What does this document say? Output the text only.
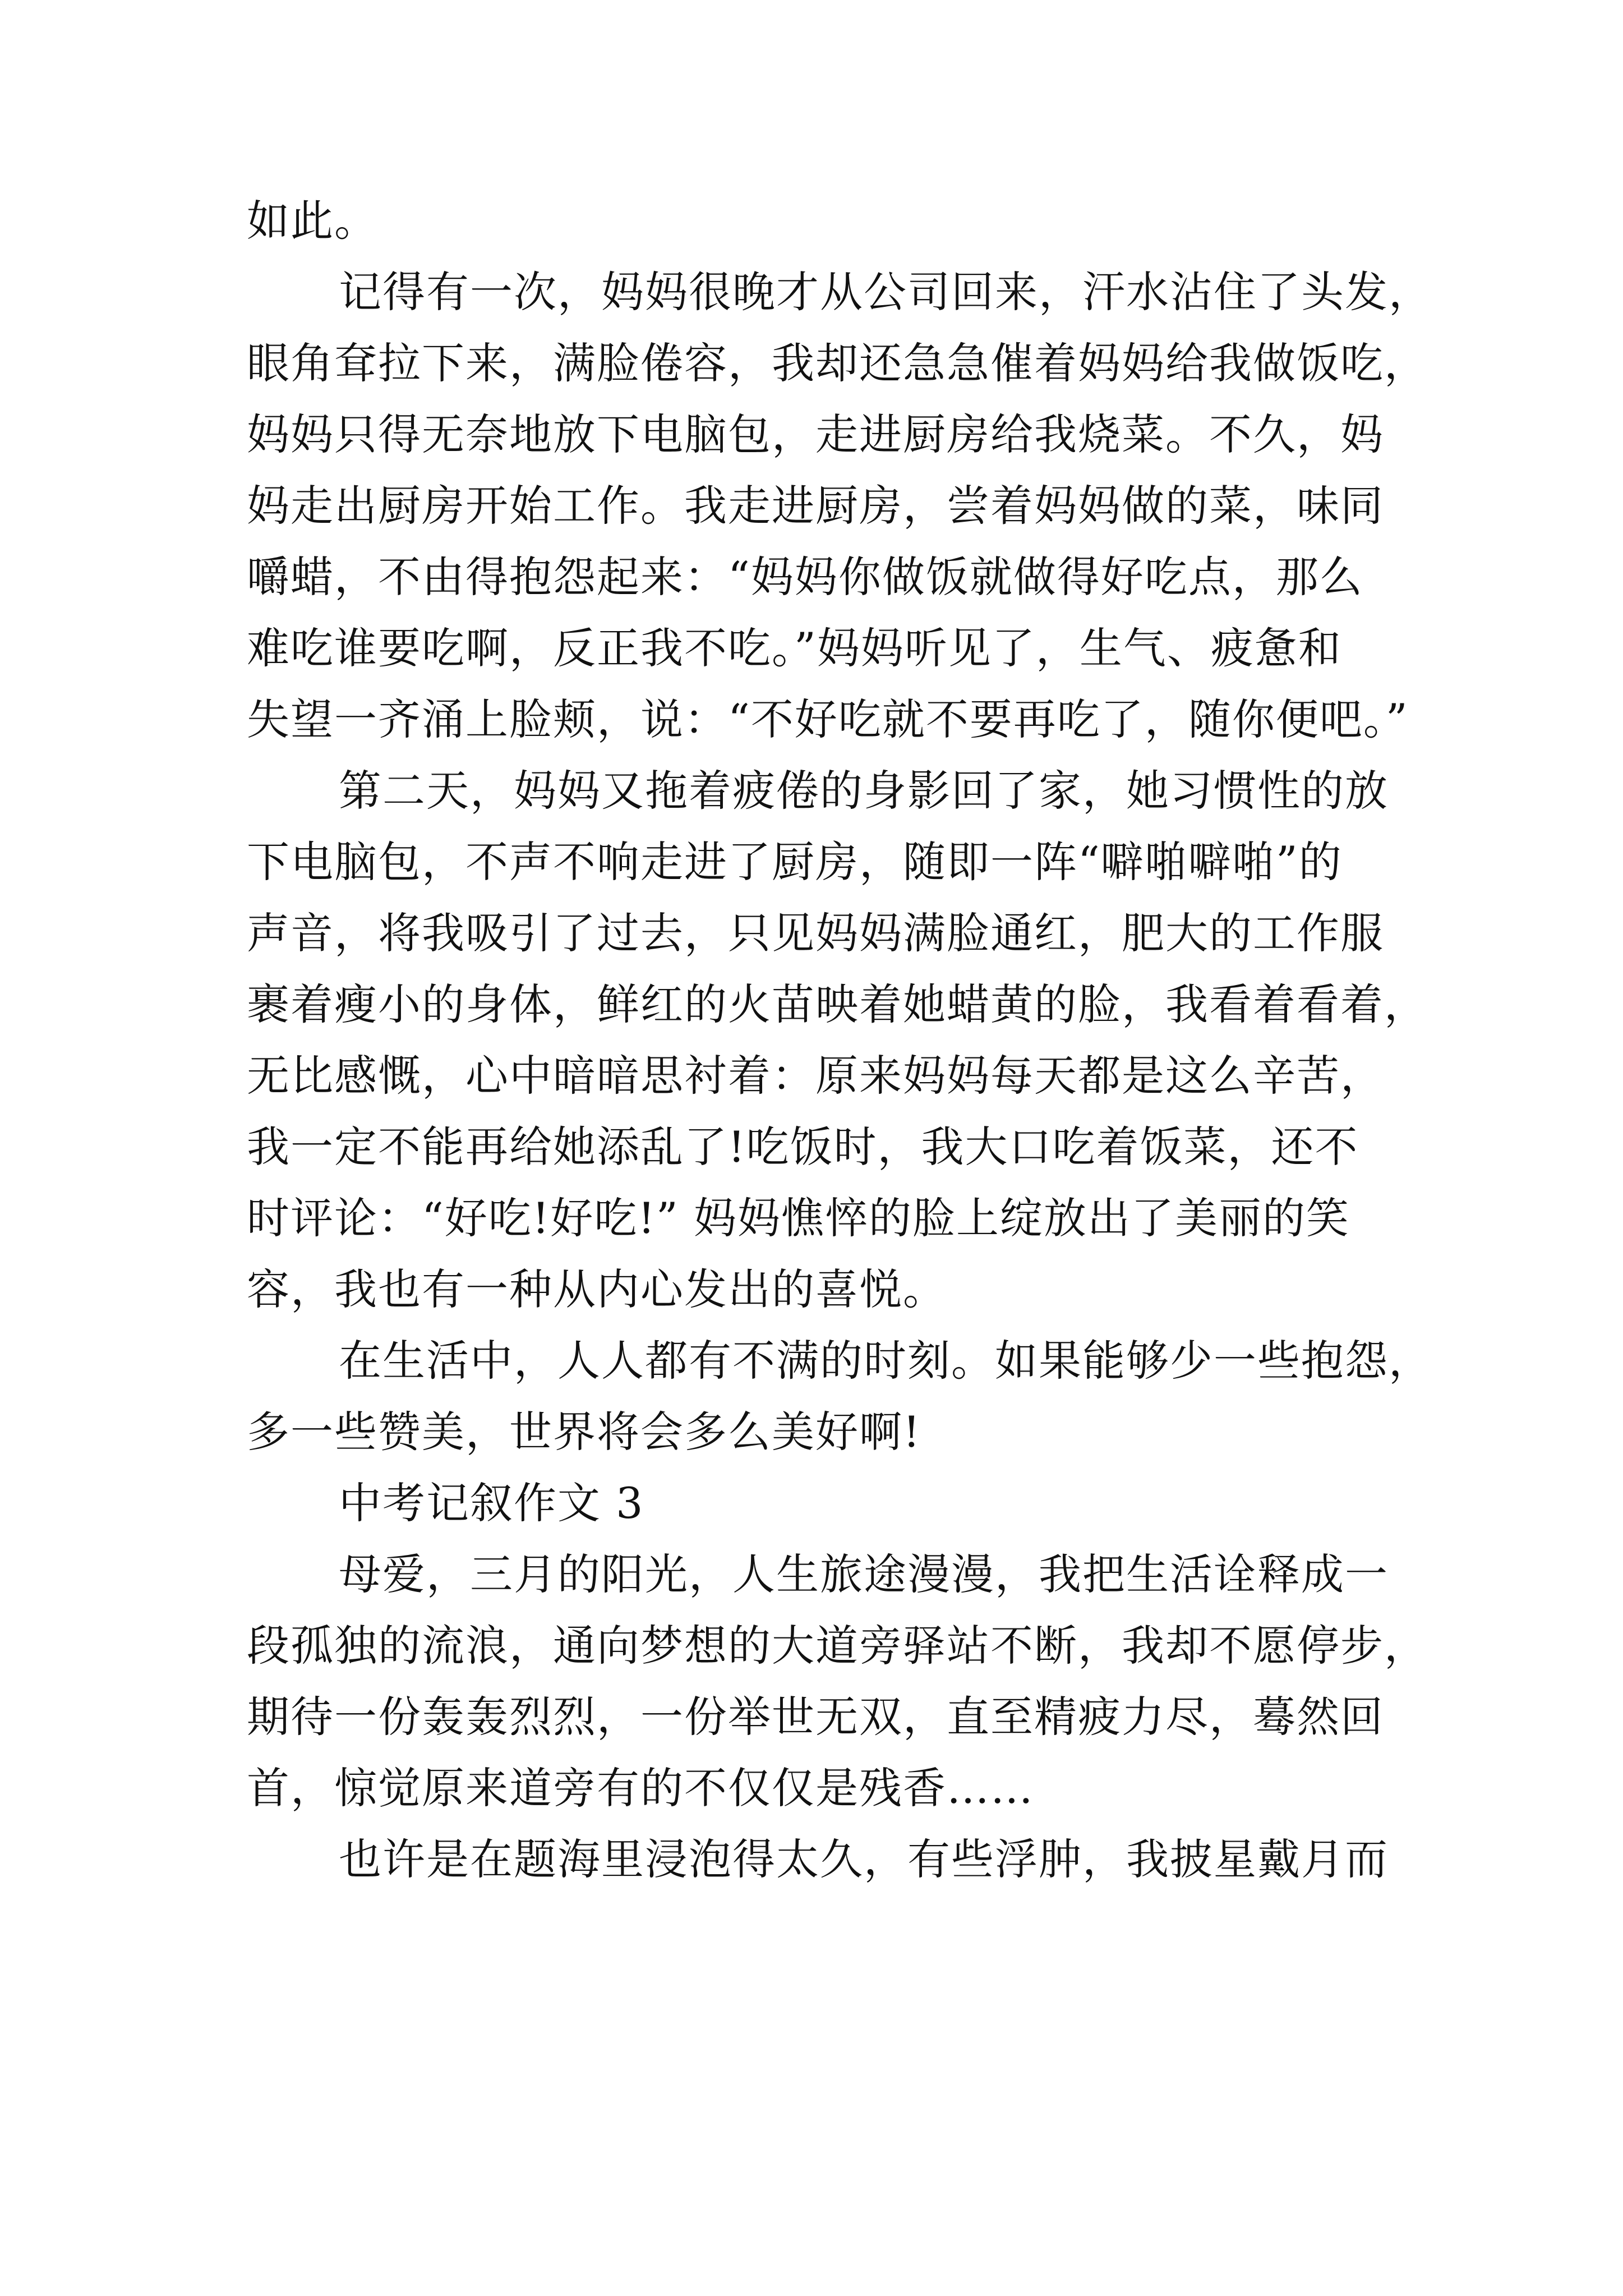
如此。
记得有一次，妈妈很晚才从公司回来，汗水沾住了头发，
眼角耷拉下来，满脸倦容，我却还急急催着妈妈给我做饭吃，
妈妈只得无奈地放下电脑包，走进厨房给我烧菜。不久，妈
妈走出厨房开始工作。我走进厨房，尝着妈妈做的菜，味同
嚼蜡，不由得抱怨起来：“妈妈你做饭就做得好吃点，那么
难吃谁要吃啊，反正我不吃。”妈妈听见了，生气、疲惫和
失望一齐涌上脸颊，说：“不好吃就不要再吃了，随你便吧。”
第二天，妈妈又拖着疲倦的身影回了家，她习惯性的放
下电脑包，不声不响走进了厨房，随即一阵“噼啪噼啪”的
声音，将我吸引了过去，只见妈妈满脸通红，肥大的工作服
裹着瘦小的身体，鲜红的火苗映着她蜡黄的脸，我看着看着，
无比感慨，心中暗暗思衬着：原来妈妈每天都是这么辛苦，
我一定不能再给她添乱了!吃饭时，我大口吃着饭菜，还不
时评论：“好吃!好吃!” 妈妈憔悴的脸上绽放出了美丽的笑
容，我也有一种从内心发出的喜悦。
在生活中，人人都有不满的时刻。如果能够少一些抱怨，
多一些赞美，世界将会多么美好啊!
中考记叙作文 3
母爱，三月的阳光，人生旅途漫漫，我把生活诠释成一
段孤独的流浪，通向梦想的大道旁驿站不断，我却不愿停步，
期待一份轰轰烈烈，一份举世无双，直至精疲力尽，蓦然回
首，惊觉原来道旁有的不仅仅是残香……
也许是在题海里浸泡得太久，有些浮肿，我披星戴月而
